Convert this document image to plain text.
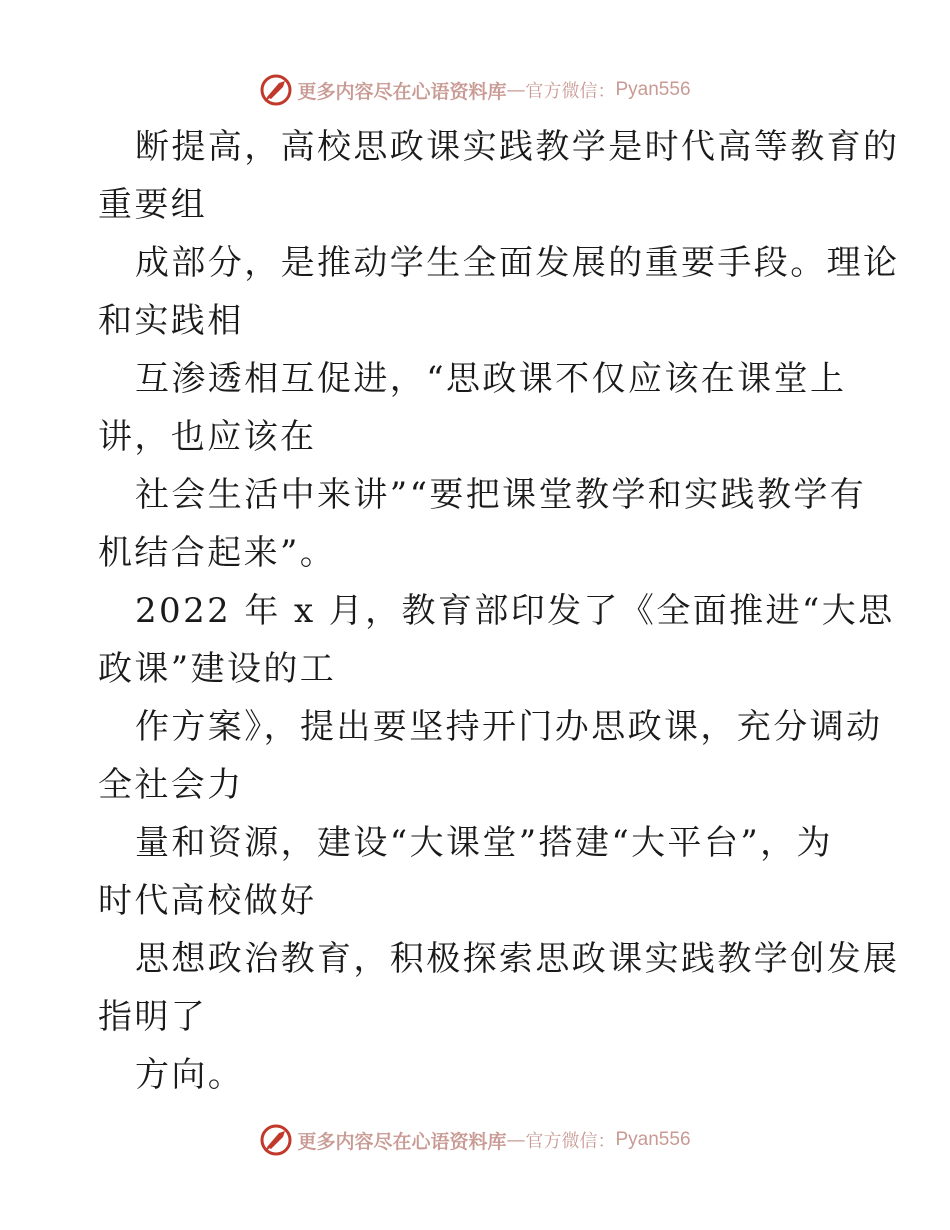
更多内容尽在心语资料库 — 官方微信： Pyan556
断提高，高校思政课实践教学是时代高等教育的
重要组
成部分，是推动学生全面发展的重要手段。理论
和实践相
互渗透相互促进，“思政课不仅应该在课堂上
讲，也应该在
社会生活中来讲”“要把课堂教学和实践教学有
机结合起来”。
2022 年 x 月，教育部印发了《全面推进“大思
政课”建设的工
作方案》，提出要坚持开门办思政课，充分调动
全社会力
量和资源，建设“大课堂”搭建“大平台”，为
时代高校做好
思想政治教育，积极探索思政课实践教学创发展
指明了
方向。
更多内容尽在心语资料库 — 官方微信： Pyan556
